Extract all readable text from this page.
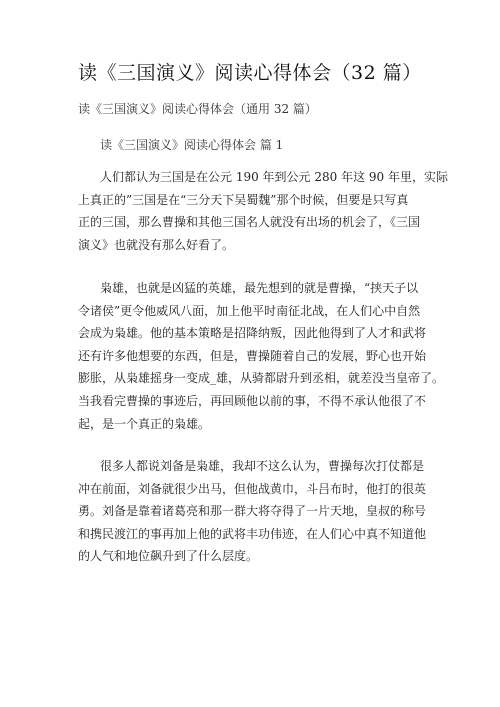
读《三国演义》阅读心得体会（32 篇）
读《三国演义》阅读心得体会（通用 32 篇）
读《三国演义》阅读心得体会 篇 1
人们都认为三国是在公元 190 年到公元 280 年这 90 年里，实际
上真正的”三国是在“三分天下吴蜀魏”那个时候，但要是只写真
正的三国，那么曹操和其他三国名人就没有出场的机会了，《三国
演义》也就没有那么好看了。
枭雄，也就是凶猛的英雄，最先想到的就是曹操，“挟天子以
令诸侯”更令他威风八面，加上他平时南征北战，在人们心中自然
会成为枭雄。他的基本策略是招降纳叛，因此他得到了人才和武将
还有许多他想要的东西，但是，曹操随着自己的发展，野心也开始
膨胀，从枭雄摇身一变成_雄，从骑都尉升到丞相，就差没当皇帝了。
当我看完曹操的事迹后，再回顾他以前的事，不得不承认他很了不
起，是一个真正的枭雄。
很多人都说刘备是枭雄，我却不这么认为，曹操每次打仗都是
冲在前面，刘备就很少出马，但他战黄巾，斗吕布时，他打的很英
勇。刘备是靠着诸葛亮和那一群大将夺得了一片天地，皇叔的称号
和携民渡江的事再加上他的武将丰功伟迹，在人们心中真不知道他
的人气和地位飙升到了什么层度。
